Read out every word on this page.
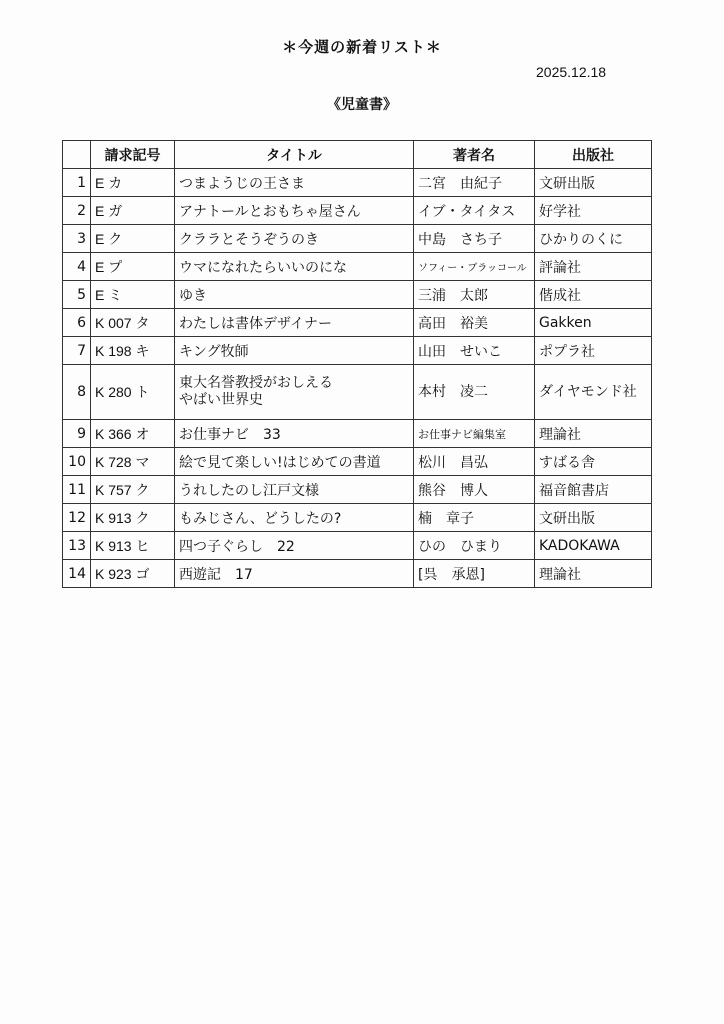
＊今週の新着リスト＊
2025.12.18
《児童書》
	請求記号	タイトル	著者名	出版社
1	E カ	つまようじの王さま	二宮　由紀子	文研出版
2	E ガ	アナトールとおもちゃ屋さん	イブ・タイタス	好学社
3	E ク	クララとそうぞうのき	中島　さち子	ひかりのくに
4	E プ	ウマになれたらいいのにな	ソフィー・ブラッコール	評論社
5	E ミ	ゆき	三浦　太郎	偕成社
6	K 007 タ	わたしは書体デザイナー	高田　裕美	Gakken
7	K 198 キ	キング牧師	山田　せいこ	ポプラ社
8	K 280 ト	東大名誉教授がおしえる
やばい世界史	本村　凌二	ダイヤモンド社
9	K 366 オ	お仕事ナビ　33	お仕事ナビ編集室	理論社
10	K 728 マ	絵で見て楽しい!はじめての書道	松川　昌弘	すばる舎
11	K 757 ク	うれしたのし江戸文様	熊谷　博人	福音館書店
12	K 913 ク	もみじさん、どうしたの?	楠　章子	文研出版
13	K 913 ヒ	四つ子ぐらし　22	ひの　ひまり	KADOKAWA
14	K 923 ゴ	西遊記　17	[呉　承恩]	理論社
